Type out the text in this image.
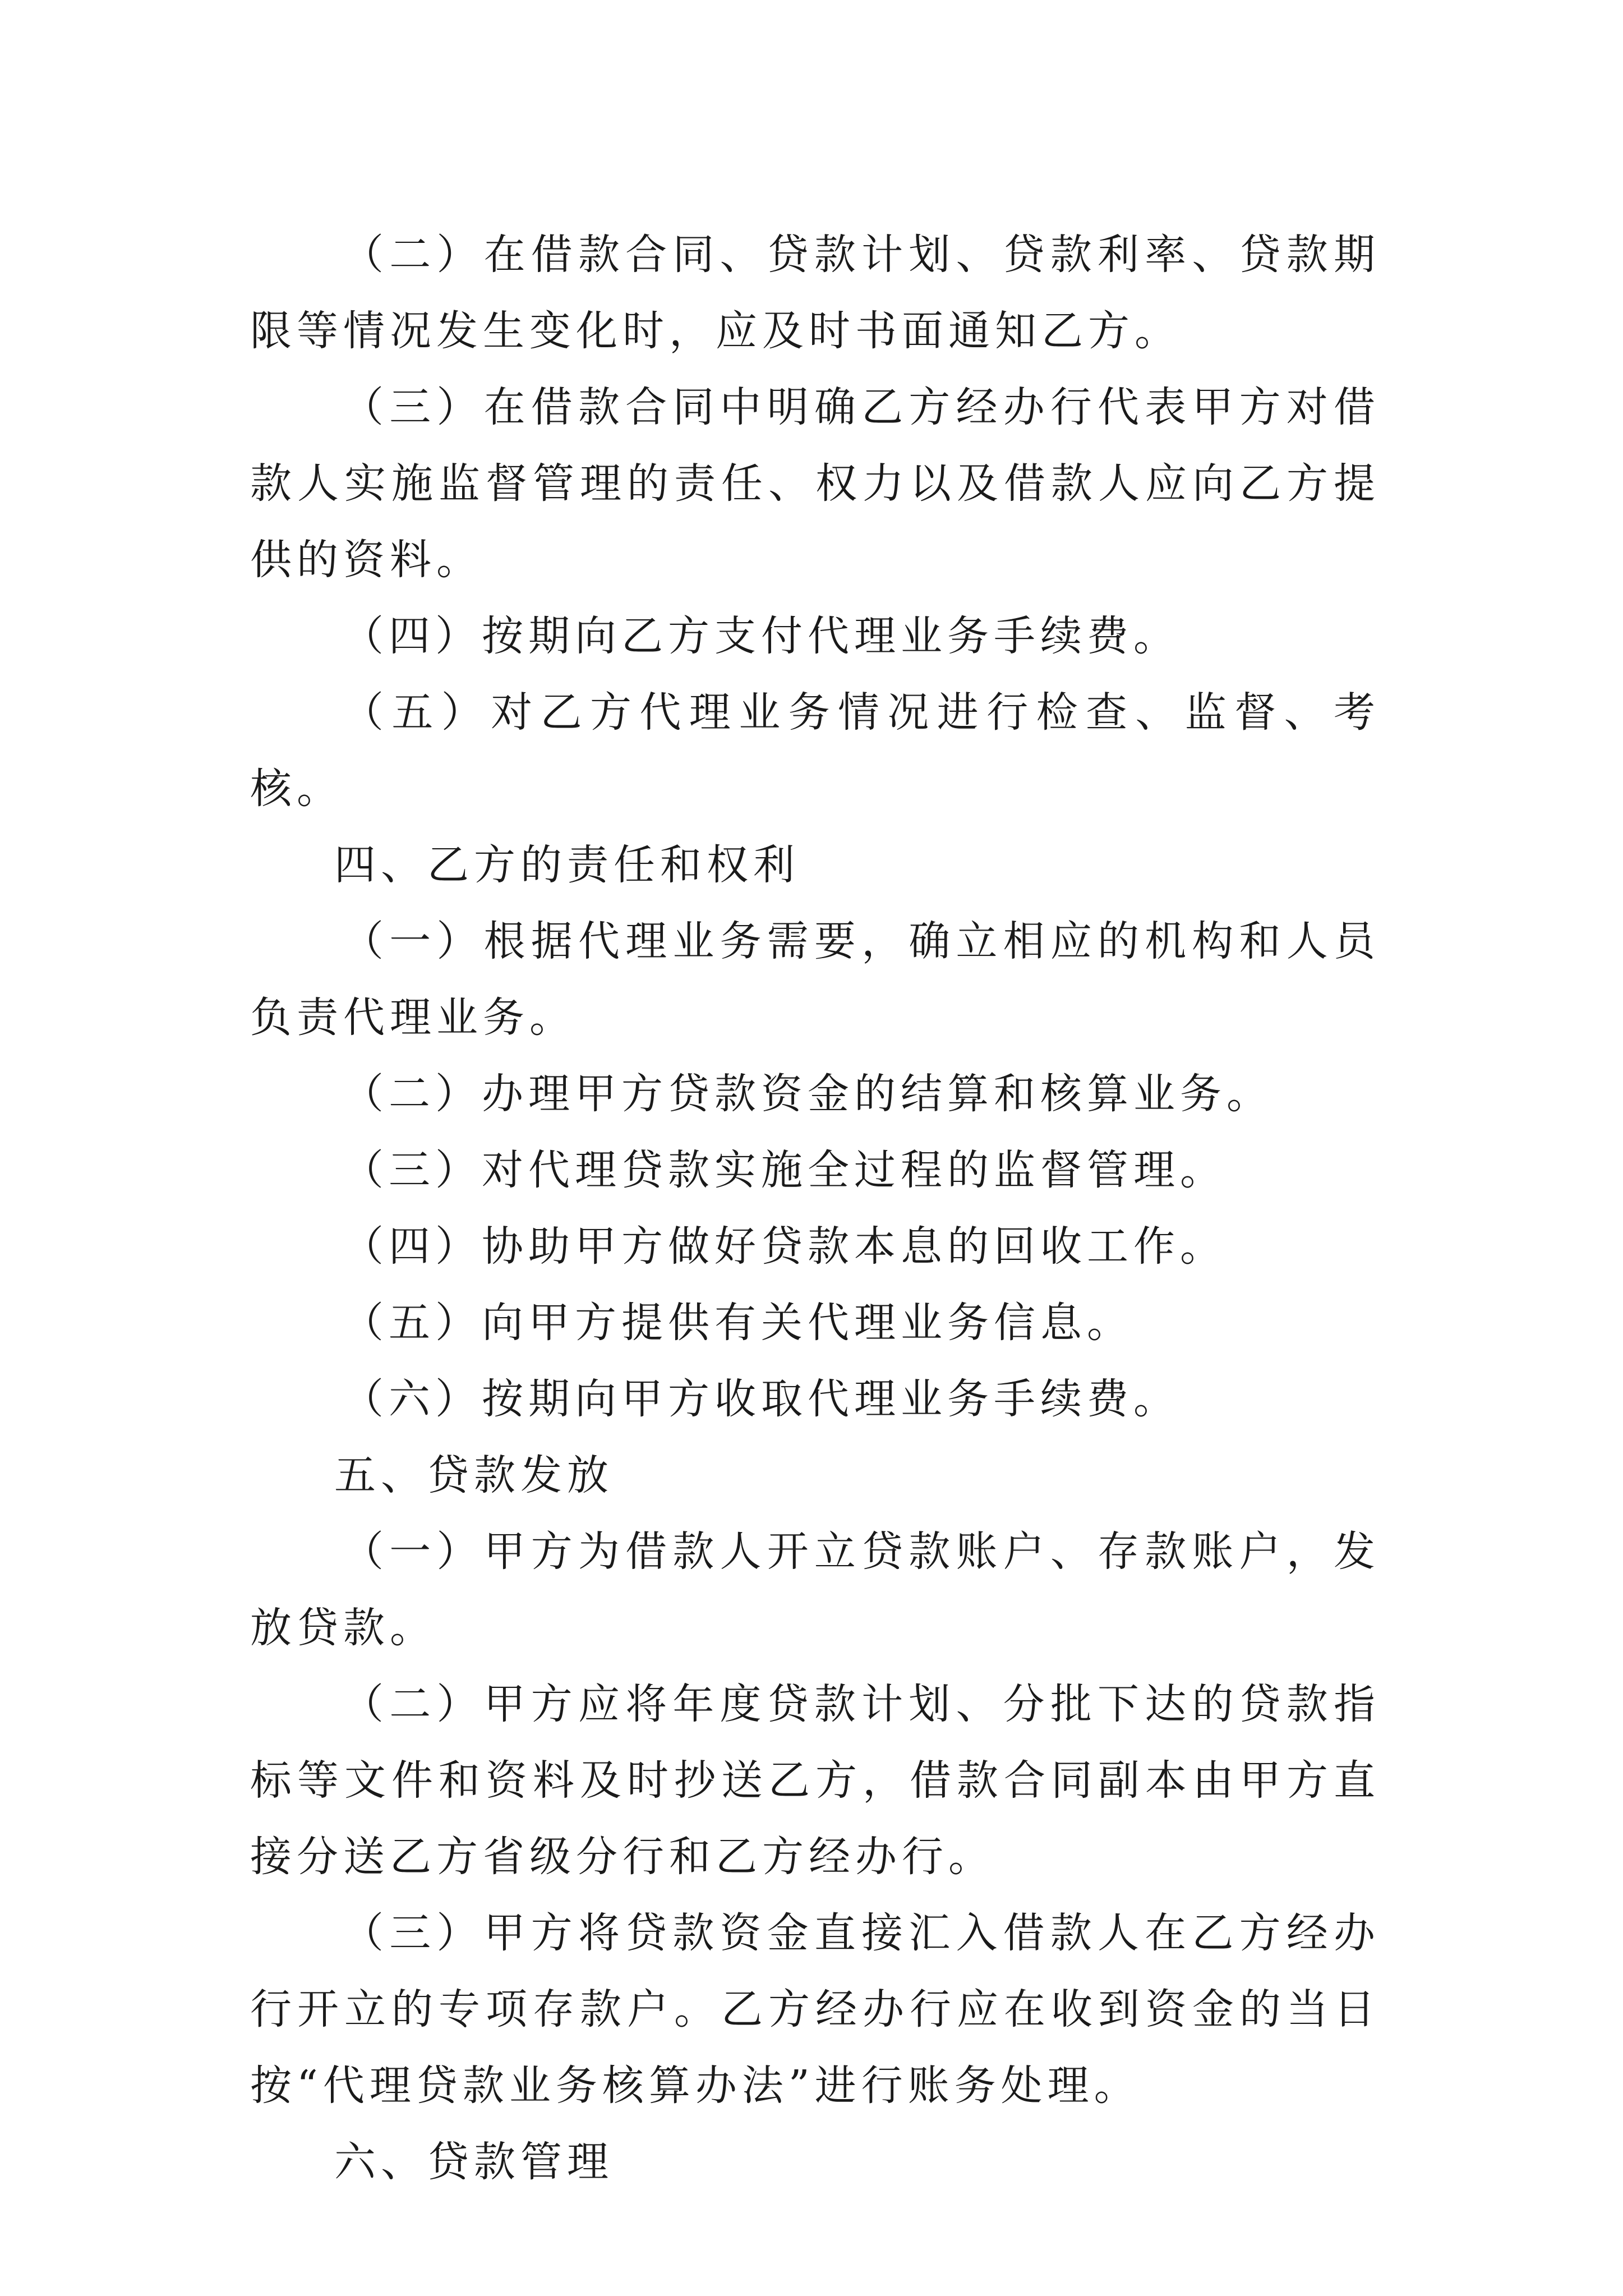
（二）在借款合同、贷款计划、贷款利率、贷款期限等情况发生变化时，应及时书面通知乙方。

（三）在借款合同中明确乙方经办行代表甲方对借款人实施监督管理的责任、权力以及借款人应向乙方提供的资料。

（四）按期向乙方支付代理业务手续费。

（五）对乙方代理业务情况进行检查、监督、考核。

四、乙方的责任和权利

（一）根据代理业务需要，确立相应的机构和人员负责代理业务。

（二）办理甲方贷款资金的结算和核算业务。

（三）对代理贷款实施全过程的监督管理。

（四）协助甲方做好贷款本息的回收工作。

（五）向甲方提供有关代理业务信息。

（六）按期向甲方收取代理业务手续费。

五、贷款发放

（一）甲方为借款人开立贷款账户、存款账户，发放贷款。

（二）甲方应将年度贷款计划、分批下达的贷款指标等文件和资料及时抄送乙方，借款合同副本由甲方直接分送乙方省级分行和乙方经办行。

（三）甲方将贷款资金直接汇入借款人在乙方经办行开立的专项存款户。乙方经办行应在收到资金的当日按“代理贷款业务核算办法”进行账务处理。

六、贷款管理
